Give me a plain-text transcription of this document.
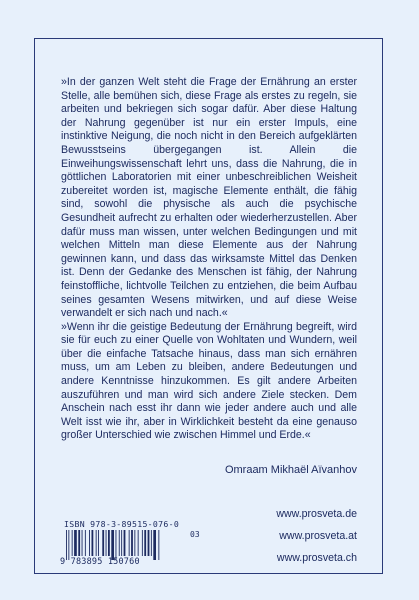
»In der ganzen Welt steht die Frage der Ernährung an erster Stelle, alle bemühen sich, diese Frage als erstes zu regeln, sie arbeiten und bekriegen sich sogar dafür. Aber diese Haltung der Nahrung gegenüber ist nur ein erster Impuls, eine instinktive Neigung, die noch nicht in den Bereich aufgeklärten Bewusstseins übergegangen ist. Allein die Einweihungswissenschaft lehrt uns, dass die Nahrung, die in göttlichen Laboratorien mit einer unbeschreiblichen Weisheit zubereitet worden ist, magische Elemente enthält, die fähig sind, sowohl die physische als auch die psychische Gesundheit aufrecht zu erhalten oder wiederherzustellen. Aber dafür muss man wissen, unter welchen Bedingungen und mit welchen Mitteln man diese Elemente aus der Nahrung gewinnen kann, und dass das wirksamste Mittel das Denken ist. Denn der Gedanke des Menschen ist fähig, der Nahrung feinstoffliche, lichtvolle Teilchen zu entziehen, die beim Aufbau seines gesamten Wesens mitwirken, und auf diese Weise verwandelt er sich nach und nach.«

»Wenn ihr die geistige Bedeutung der Ernährung begreift, wird sie für euch zu einer Quelle von Wohltaten und Wundern, weil über die einfache Tatsache hinaus, dass man sich ernähren muss, um am Leben zu bleiben, andere Bedeutungen und andere Kenntnisse hinzukommen. Es gilt andere Arbeiten auszuführen und man wird sich andere Ziele stecken. Dem Anschein nach esst ihr dann wie jeder andere auch und alle Welt isst wie ihr, aber in Wirklichkeit besteht da eine genauso großer Unterschied wie zwischen Himmel und Erde.«

Omraam Mikhaël Aïvanhov
ISBN 978-3-89515-076-0
03
9 783895 150760
www.prosveta.de
www.prosveta.at
www.prosveta.ch
